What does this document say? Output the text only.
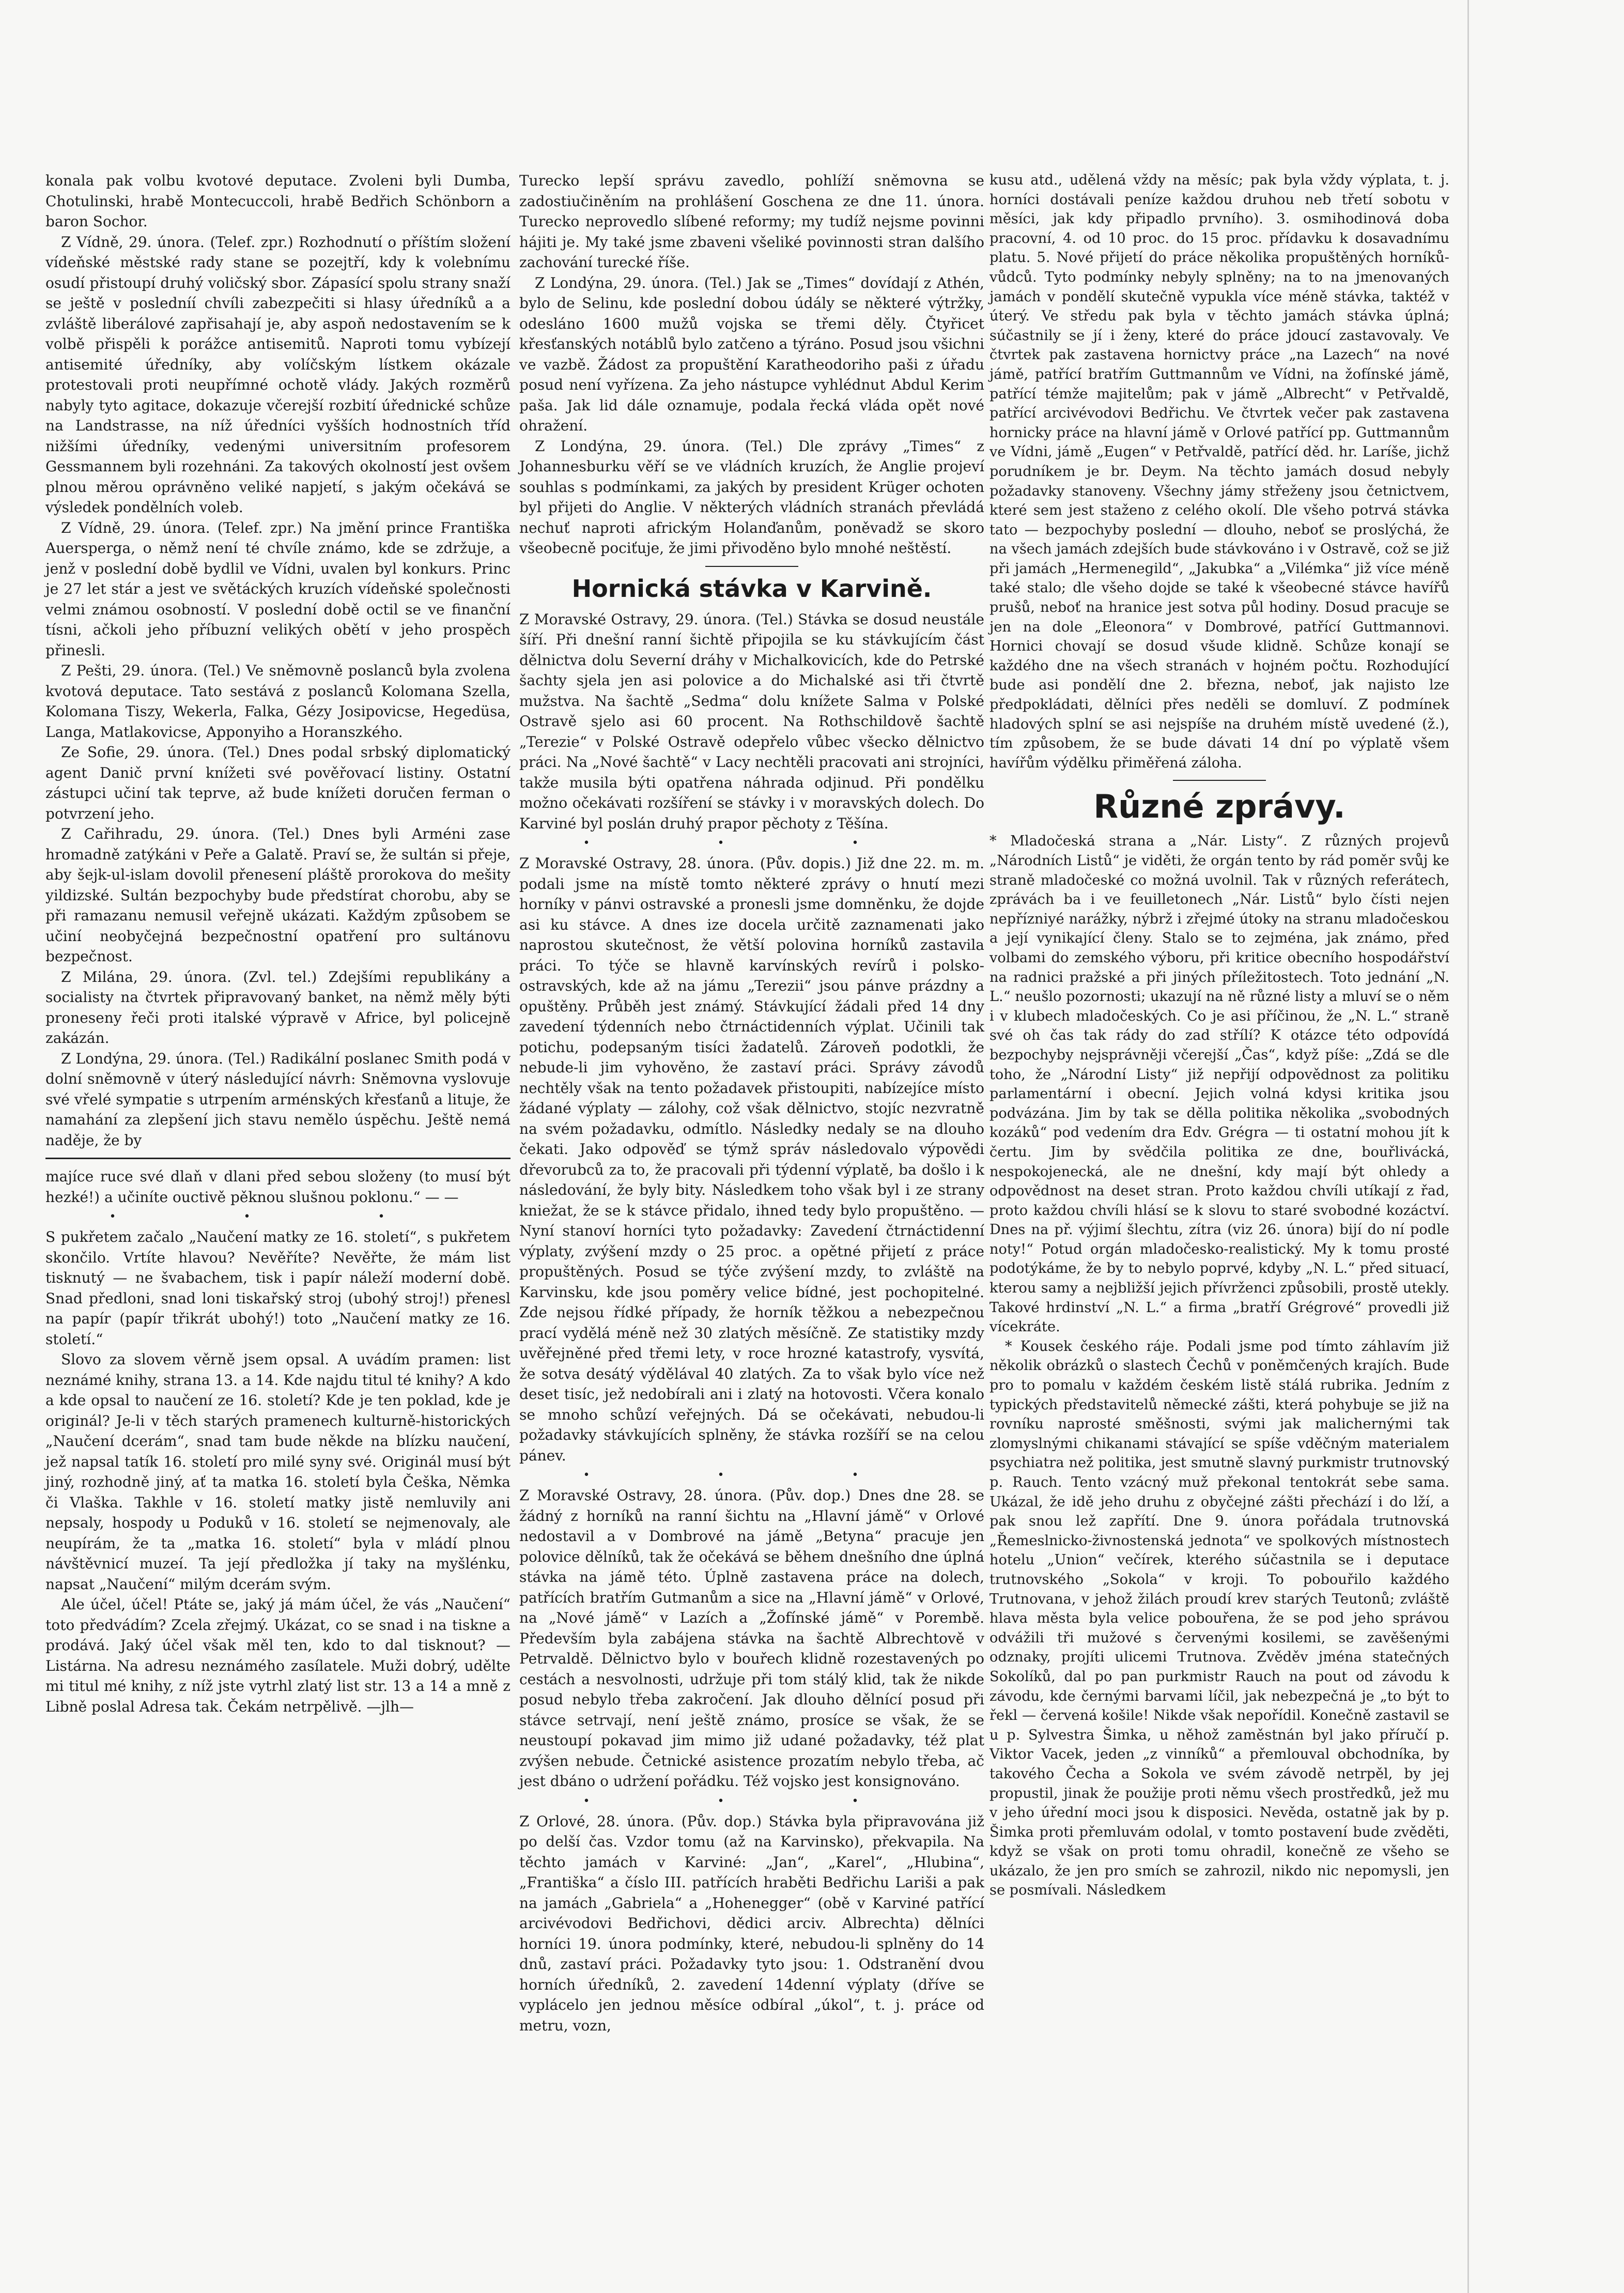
konala pak volbu kvotové deputace. Zvoleni byli Dumba, Chotulinski, hrabě Montecuccoli, hrabě Bedřich Schönborn a baron Sochor.

Z Vídně, 29. února. (Telef. zpr.) Rozhodnutí o příštím složení vídeňské městské rady stane se pozejtří, kdy k volebnímu osudí přistoupí druhý voličský sbor. Zápasící spolu strany snaží se ještě v posledníí chvíli zabezpečiti si hlasy úředníků a a zvláště liberálové zapřisahají je, aby aspoň nedostavením se k volbě přispěli k porážce antisemitů. Naproti tomu vybízejí antisemité úředníky, aby volíčským lístkem okázale protestovali proti neupřímné ochotě vlády. Jakých rozměrů nabyly tyto agitace, dokazuje včerejší rozbití úřednické schůze na Landstrasse, na níž úředníci vyšších hodnostních tříd nižšími úředníky, vedenými universitním profesorem Gessmannem byli rozehnáni. Za takových okolností jest ovšem plnou měrou oprávněno veliké napjetí, s jakým očekává se výsledek pondělních voleb.

Z Vídně, 29. února. (Telef. zpr.) Na jmění prince Františka Auersperga, o němž není té chvíle známo, kde se zdržuje, a jenž v poslední době bydlil ve Vídni, uvalen byl konkurs. Princ je 27 let stár a jest ve světáckých kruzích vídeňské společnosti velmi známou osobností. V poslední době octil se ve finanční tísni, ačkoli jeho příbuzní velikých obětí v jeho prospěch přinesli.

Z Pešti, 29. února. (Tel.) Ve sněmovně poslanců byla zvolena kvotová deputace. Tato sestává z poslanců Kolomana Szella, Kolomana Tiszy, Wekerla, Falka, Gézy Josipovicse, Hegedüsa, Langa, Matlakovicse, Apponyiho a Horanszkého.

Ze Sofie, 29. února. (Tel.) Dnes podal srbský diplomatický agent Danič první knížeti své pověřovací listiny. Ostatní zástupci učiní tak teprve, až bude knížeti doručen ferman o potvrzení jeho.

Z Cařihradu, 29. února. (Tel.) Dnes byli Arméni zase hromadně zatýkáni v Peře a Galatě. Praví se, že sultán si přeje, aby šejk-ul-islam dovolil přenesení pláště prorokova do mešity yildizské. Sultán bezpochyby bude předstírat chorobu, aby se při ramazanu nemusil veřejně ukázati. Každým způsobem se učiní neobyčejná bezpečnostní opatření pro sultánovu bezpečnost.

Z Milána, 29. února. (Zvl. tel.) Zdejšími republikány a socialisty na čtvrtek připravovaný banket, na němž měly býti proneseny řeči proti italské výpravě v Africe, byl policejně zakázán.

Z Londýna, 29. února. (Tel.) Radikální poslanec Smith podá v dolní sněmovně v úterý následující návrh: Sněmovna vyslovuje své vřelé sympatie s utrpením arménských křesťanů a lituje, že namahání za zlepšení jich stavu nemělo úspěchu. Ještě nemá naděje, že by

majíce ruce své dlaň v dlani před sebou složeny (to musí být hezké!) a učiníte ouctivě pěknou slušnou poklonu.“ — —

• • •

S pukřetem začalo „Naučení matky ze 16. století“, s pukřetem skončilo. Vrtíte hlavou? Nevěříte? Nevěřte, že mám list tisknutý — ne švabachem, tisk i papír náleží moderní době. Snad předloni, snad loni tiskařský stroj (ubohý stroj!) přenesl na papír (papír třikrát ubohý!) toto „Naučení matky ze 16. století.“

Slovo za slovem věrně jsem opsal. A uvádím pramen: list neznámé knihy, strana 13. a 14. Kde najdu titul té knihy? A kdo a kde opsal to naučení ze 16. století? Kde je ten poklad, kde je originál? Je-li v těch starých pramenech kulturně-historických „Naučení dcerám“, snad tam bude někde na blízku naučení, jež napsal tatík 16. století pro milé syny své. Originál musí být jiný, rozhodně jiný, ať ta matka 16. století byla Češka, Němka či Vlaška. Takhle v 16. století matky jistě nemluvily ani nepsaly, hospody u Poduků v 16. století se nejmenovaly, ale neupírám, že ta „matka 16. století“ byla v mládí plnou návštěvnicí muzeí. Ta její předložka jí taky na myšlénku, napsat „Naučení“ milým dcerám svým.

Ale účel, účel! Ptáte se, jaký já mám účel, že vás „Naučení“ toto předvádím? Zcela zřejmý. Ukázat, co se snad i na tiskne a prodává. Jaký účel však měl ten, kdo to dal tisknout? — Listárna. Na adresu neznámého zasílatele. Muži dobrý, udělte mi titul mé knihy, z níž jste vytrhl zlatý list str. 13 a 14 a mně z Libně poslal Adresa tak. Čekám netrpělivě. —jlh—

Turecko lepší správu zavedlo, pohlíží sněmovna se zadostiučiněním na prohlášení Goschena ze dne 11. února. Turecko neprovedlo slíbené reformy; my tudíž nejsme povinni hájiti je. My také jsme zbaveni všeliké povinnosti stran dalšího zachování turecké říše.

Z Londýna, 29. února. (Tel.) Jak se „Times“ dovídají z Athén, bylo de Selinu, kde poslední dobou údály se některé výtržky, odesláno 1600 mužů vojska se třemi děly. Čtyřicet křesťanských notáblů bylo zatčeno a týráno. Posud jsou všichni ve vazbě. Žádost za propuštění Karatheodoriho paši z úřadu posud není vyřízena. Za jeho nástupce vyhlédnut Abdul Kerim paša. Jak lid dále oznamuje, podala řecká vláda opět nové ohražení.

Z Londýna, 29. února. (Tel.) Dle zprávy „Times“ z Johannesburku věří se ve vládních kruzích, že Anglie projeví souhlas s podmínkami, za jakých by president Krüger ochoten byl přijeti do Anglie. V některých vládních stranách převládá nechuť naproti africkým Holanďanům, poněvadž se skoro všeobecně pociťuje, že jimi přivoděno bylo mnohé neštěstí.

Hornická stávka v Karvině.

Z Moravské Ostravy, 29. února. (Tel.) Stávka se dosud neustále šíří. Při dnešní ranní šichtě připojila se ku stávkujícím část dělnictva dolu Severní dráhy v Michalkovicích, kde do Petrské šachty sjela jen asi polovice a do Michalské asi tři čtvrtě mužstva. Na šachtě „Sedma“ dolu knížete Salma v Polské Ostravě sjelo asi 60 procent. Na Rothschildově šachtě „Terezie“ v Polské Ostravě odepřelo vůbec všecko dělnictvo práci. Na „Nové šachtě“ v Lacy nechtěli pracovati ani strojníci, takže musila býti opatřena náhrada odjinud. Při pondělku možno očekávati rozšíření se stávky i v moravských dolech. Do Karviné byl poslán druhý prapor pěchoty z Těšína.

• • •

Z Moravské Ostravy, 28. února. (Pův. dopis.) Již dne 22. m. m. podali jsme na místě tomto některé zprávy o hnutí mezi horníky v pánvi ostravské a pronesli jsme domněnku, že dojde asi ku stávce. A dnes ize docela určitě zaznamenati jako naprostou skutečnost, že větší polovina horníků zastavila práci. To týče se hlavně karvínských revírů i polsko-ostravských, kde až na jámu „Terezii“ jsou pánve prázdny a opuštěny. Průběh jest známý. Stávkující žádali před 14 dny zavedení týdenních nebo čtrnáctidenních výplat. Učinili tak potichu, podepsaným tisíci žadatelů. Zároveň podotkli, že nebude-li jim vyhověno, že zastaví práci. Správy závodů nechtěly však na tento požadavek přistoupiti, nabízejíce místo žádané výplaty — zálohy, což však dělnictvo, stojíc nezvratně na svém požadavku, odmítlo. Následky nedaly se na dlouho čekati. Jako odpověď se týmž správ následovalo výpovědi dřevorubců za to, že pracovali při týdenní výplatě, ba došlo i k následování, že byly bity. Následkem toho však byl i ze strany kniežat, že se k stávce přidalo, ihned tedy bylo propuštěno. — Nyní stanoví horníci tyto požadavky: Zavedení čtrnáctidenní výplaty, zvýšení mzdy o 25 proc. a opětné přijetí z práce propuštěných. Posud se týče zvýšení mzdy, to zvláště na Karvinsku, kde jsou poměry velice bídné, jest pochopitelné. Zde nejsou řídké případy, že horník těžkou a nebezpečnou prací vydělá méně než 30 zlatých měsíčně. Ze statistiky mzdy uvěřejněné před třemi lety, v roce hrozné katastrofy, vysvítá, že sotva desátý výdělával 40 zlatých. Za to však bylo více než deset tisíc, jež nedobírali ani i zlatý na hotovosti. Včera konalo se mnoho schůzí veřejných. Dá se očekávati, nebudou-li požadavky stávkujících splněny, že stávka rozšíří se na celou pánev.

• • •

Z Moravské Ostravy, 28. února. (Pův. dop.) Dnes dne 28. se žádný z horníků na ranní šichtu na „Hlavní jámě“ v Orlové nedostavil a v Dombrové na jámě „Betyna“ pracuje jen polovice dělníků, tak že očekává se během dnešního dne úplná stávka na jámě této. Úplně zastavena práce na dolech, patřících bratřím Gutmanům a sice na „Hlavní jámě“ v Orlové, na „Nové jámě“ v Lazích a „Žofínské jámě“ v Porembě. Především byla zabájena stávka na šachtě Albrechtově v Petrvaldě. Dělnictvo bylo v bouřech klidně rozestavených po cestách a nesvolnosti, udržuje při tom stálý klid, tak že nikde posud nebylo třeba zakročení. Jak dlouho dělnící posud při stávce setrvají, není ještě známo, prosíce se však, že se neustoupí pokavad jim mimo již udané požadavky, též plat zvýšen nebude. Četnické asistence prozatím nebylo třeba, ač jest dbáno o udržení pořádku. Též vojsko jest konsignováno.

• • •

Z Orlové, 28. února. (Pův. dop.) Stávka byla připravována již po delší čas. Vzdor tomu (až na Karvinsko), překvapila. Na těchto jamách v Karviné: „Jan“, „Karel“, „Hlubina“, „Františka“ a číslo III. patřících hraběti Bedřichu Lariši a pak na jamách „Gabriela“ a „Hohenegger“ (obě v Karviné patřící arcivévodovi Bedřichovi, dědici arciv. Albrechta) dělníci horníci 19. února podmínky, které, nebudou-li splněny do 14 dnů, zastaví práci. Požadavky tyto jsou: 1. Odstranění dvou horních úředníků, 2. zavedení 14denní výplaty (dříve se vyplácelo jen jednou měsíce odbíral „úkol“, t. j. práce od metru, vozn,

kusu atd., udělená vždy na měsíc; pak byla vždy výplata, t. j. horníci dostávali peníze každou druhou neb třetí sobotu v měsíci, jak kdy připadlo prvního). 3. osmihodinová doba pracovní, 4. od 10 proc. do 15 proc. přídavku k dosavadnímu platu. 5. Nové přijetí do práce několika propuštěných horníků-vůdců. Tyto podmínky nebyly splněny; na to na jmenovaných jamách v pondělí skutečně vypukla více méně stávka, taktéž v úterý. Ve středu pak byla v těchto jamách stávka úplná; súčastnily se jí i ženy, které do práce jdoucí zastavovaly. Ve čtvrtek pak zastavena hornictvy práce „na Lazech“ na nové jámě, patřící bratřím Guttmannům ve Vídni, na žofínské jámě, patřící témže majitelům; pak v jámě „Albrecht“ v Petřvaldě, patřící arcivévodovi Bedřichu. Ve čtvrtek večer pak zastavena hornicky práce na hlavní jámě v Orlové patřící pp. Guttmannům ve Vídni, jámě „Eugen“ v Petřvaldě, patřící děd. hr. Laríše, jichž porudníkem je br. Deym. Na těchto jamách dosud nebyly požadavky stanoveny. Všechny jámy střeženy jsou četnictvem, které sem jest staženo z celého okolí. Dle všeho potrvá stávka tato — bezpochyby poslední — dlouho, neboť se proslýchá, že na všech jamách zdejších bude stávkováno i v Ostravě, což se již při jamách „Hermenegild“, „Jakubka“ a „Vilémka“ již více méně také stalo; dle všeho dojde se také k všeobecné stávce havířů prušů, neboť na hranice jest sotva půl hodiny. Dosud pracuje se jen na dole „Eleonora“ v Dombrové, patřící Guttmannovi. Hornici chovají se dosud všude klidně. Schůze konají se každého dne na všech stranách v hojném počtu. Rozhodující bude asi pondělí dne 2. března, neboť, jak najisto lze předpokládati, dělníci přes neděli se domluví. Z podmínek hladových splní se asi nejspíše na druhém místě uvedené (ž.), tím způsobem, že se bude dávati 14 dní po výplatě všem havířům výdělku přiměřená záloha.

Různé zprávy.

* Mladočeská strana a „Nár. Listy“. Z různých projevů „Národních Listů“ je viděti, že orgán tento by rád poměr svůj ke straně mladočeské co možná uvolnil. Tak v různých referátech, zprávách ba i ve feuilletonech „Nár. Listů“ bylo čísti nejen nepřízniyé narážky, nýbrž i zřejmé útoky na stranu mladočeskou a její vynikající členy. Stalo se to zejména, jak známo, před volbami do zemského výboru, při kritice obecního hospodářství na radnici pražské a při jiných příležitostech. Toto jednání „N. L.“ neušlo pozornosti; ukazují na ně různé listy a mluví se o něm i v klubech mladočeských. Co je asi příčinou, že „N. L.“ straně své oh čas tak rády do zad střílí? K otázce této odpovídá bezpochyby nejsprávněji včerejší „Čas“, když píše: „Zdá se dle toho, že „Národní Listy“ již nepřijí odpovědnost za politiku parlamentární i obecní. Jejich volná kdysi kritika jsou podvázána. Jim by tak se dělla politika několika „svobodných kozáků“ pod vedením dra Edv. Grégra — ti ostatní mohou jít k čertu. Jim by svědčila politika ze dne, bouřlivácká, nespokojenecká, ale ne dnešní, kdy mají být ohledy a odpovědnost na deset stran. Proto každou chvíli utíkají z řad, proto každou chvíli hlásí se k slovu to staré svobodné kozáctví. Dnes na př. výjimí šlechtu, zítra (viz 26. února) bijí do ní podle noty!“ Potud orgán mladočesko-realistický. My k tomu prosté podotýkáme, že by to nebylo poprvé, kdyby „N. L.“ před situací, kterou samy a nejbližší jejich přívrženci způsobili, prostě utekly. Takové hrdinství „N. L.“ a firma „bratří Grégrové“ provedli již vícekráte.

* Kousek českého ráje. Podali jsme pod tímto záhlavím již několik obrázků o slastech Čechů v poněmčených krajích. Bude pro to pomalu v každém českém listě stálá rubrika. Jedním z typických představitelů německé zášti, která pohybuje se již na rovníku naprosté směšnosti, svými jak malichernými tak zlomyslnými chikanami stávající se spíše vděčným materialem psychiatra než politika, jest smutně slavný purkmistr trutnovský p. Rauch. Tento vzácný muž překonal tentokrát sebe sama. Ukázal, že idě jeho druhu z obyčejné zášti přechází i do lží, a pak snou lež zapřítí. Dne 9. února pořádala trutnovská „Řemeslnicko-živnostenská jednota“ ve spolkových místnostech hotelu „Union“ večírek, kterého súčastnila se i deputace trutnovského „Sokola“ v kroji. To pobouřilo každého Trutnovana, v jehož žilách proudí krev starých Teutonů; zvláště hlava města byla velice pobouřena, že se pod jeho správou odvážili tři mužové s červenými kosilemi, se zavěšenými odznaky, projíti ulicemi Trutnova. Zvěděv jména statečných Sokolíků, dal po pan purkmistr Rauch na pout od závodu k závodu, kde černými barvami líčil, jak nebezpečná je „to být to řekl — červená košile! Nikde však nepořídil. Konečně zastavil se u p. Sylvestra Šimka, u něhož zaměstnán byl jako příručí p. Viktor Vacek, jeden „z vinníků“ a přemlouval obchodníka, by takového Čecha a Sokola ve svém závodě netrpěl, by jej propustil, jinak že použije proti němu všech prostředků, jež mu v jeho úřední moci jsou k disposici. Nevěda, ostatně jak by p. Šimka proti přemluvám odolal, v tomto postavení bude zvěděti, když se však on proti tomu ohradil, konečně ze všeho se ukázalo, že jen pro smích se zahrozil, nikdo nic nepomysli, jen se posmívali. Následkem
